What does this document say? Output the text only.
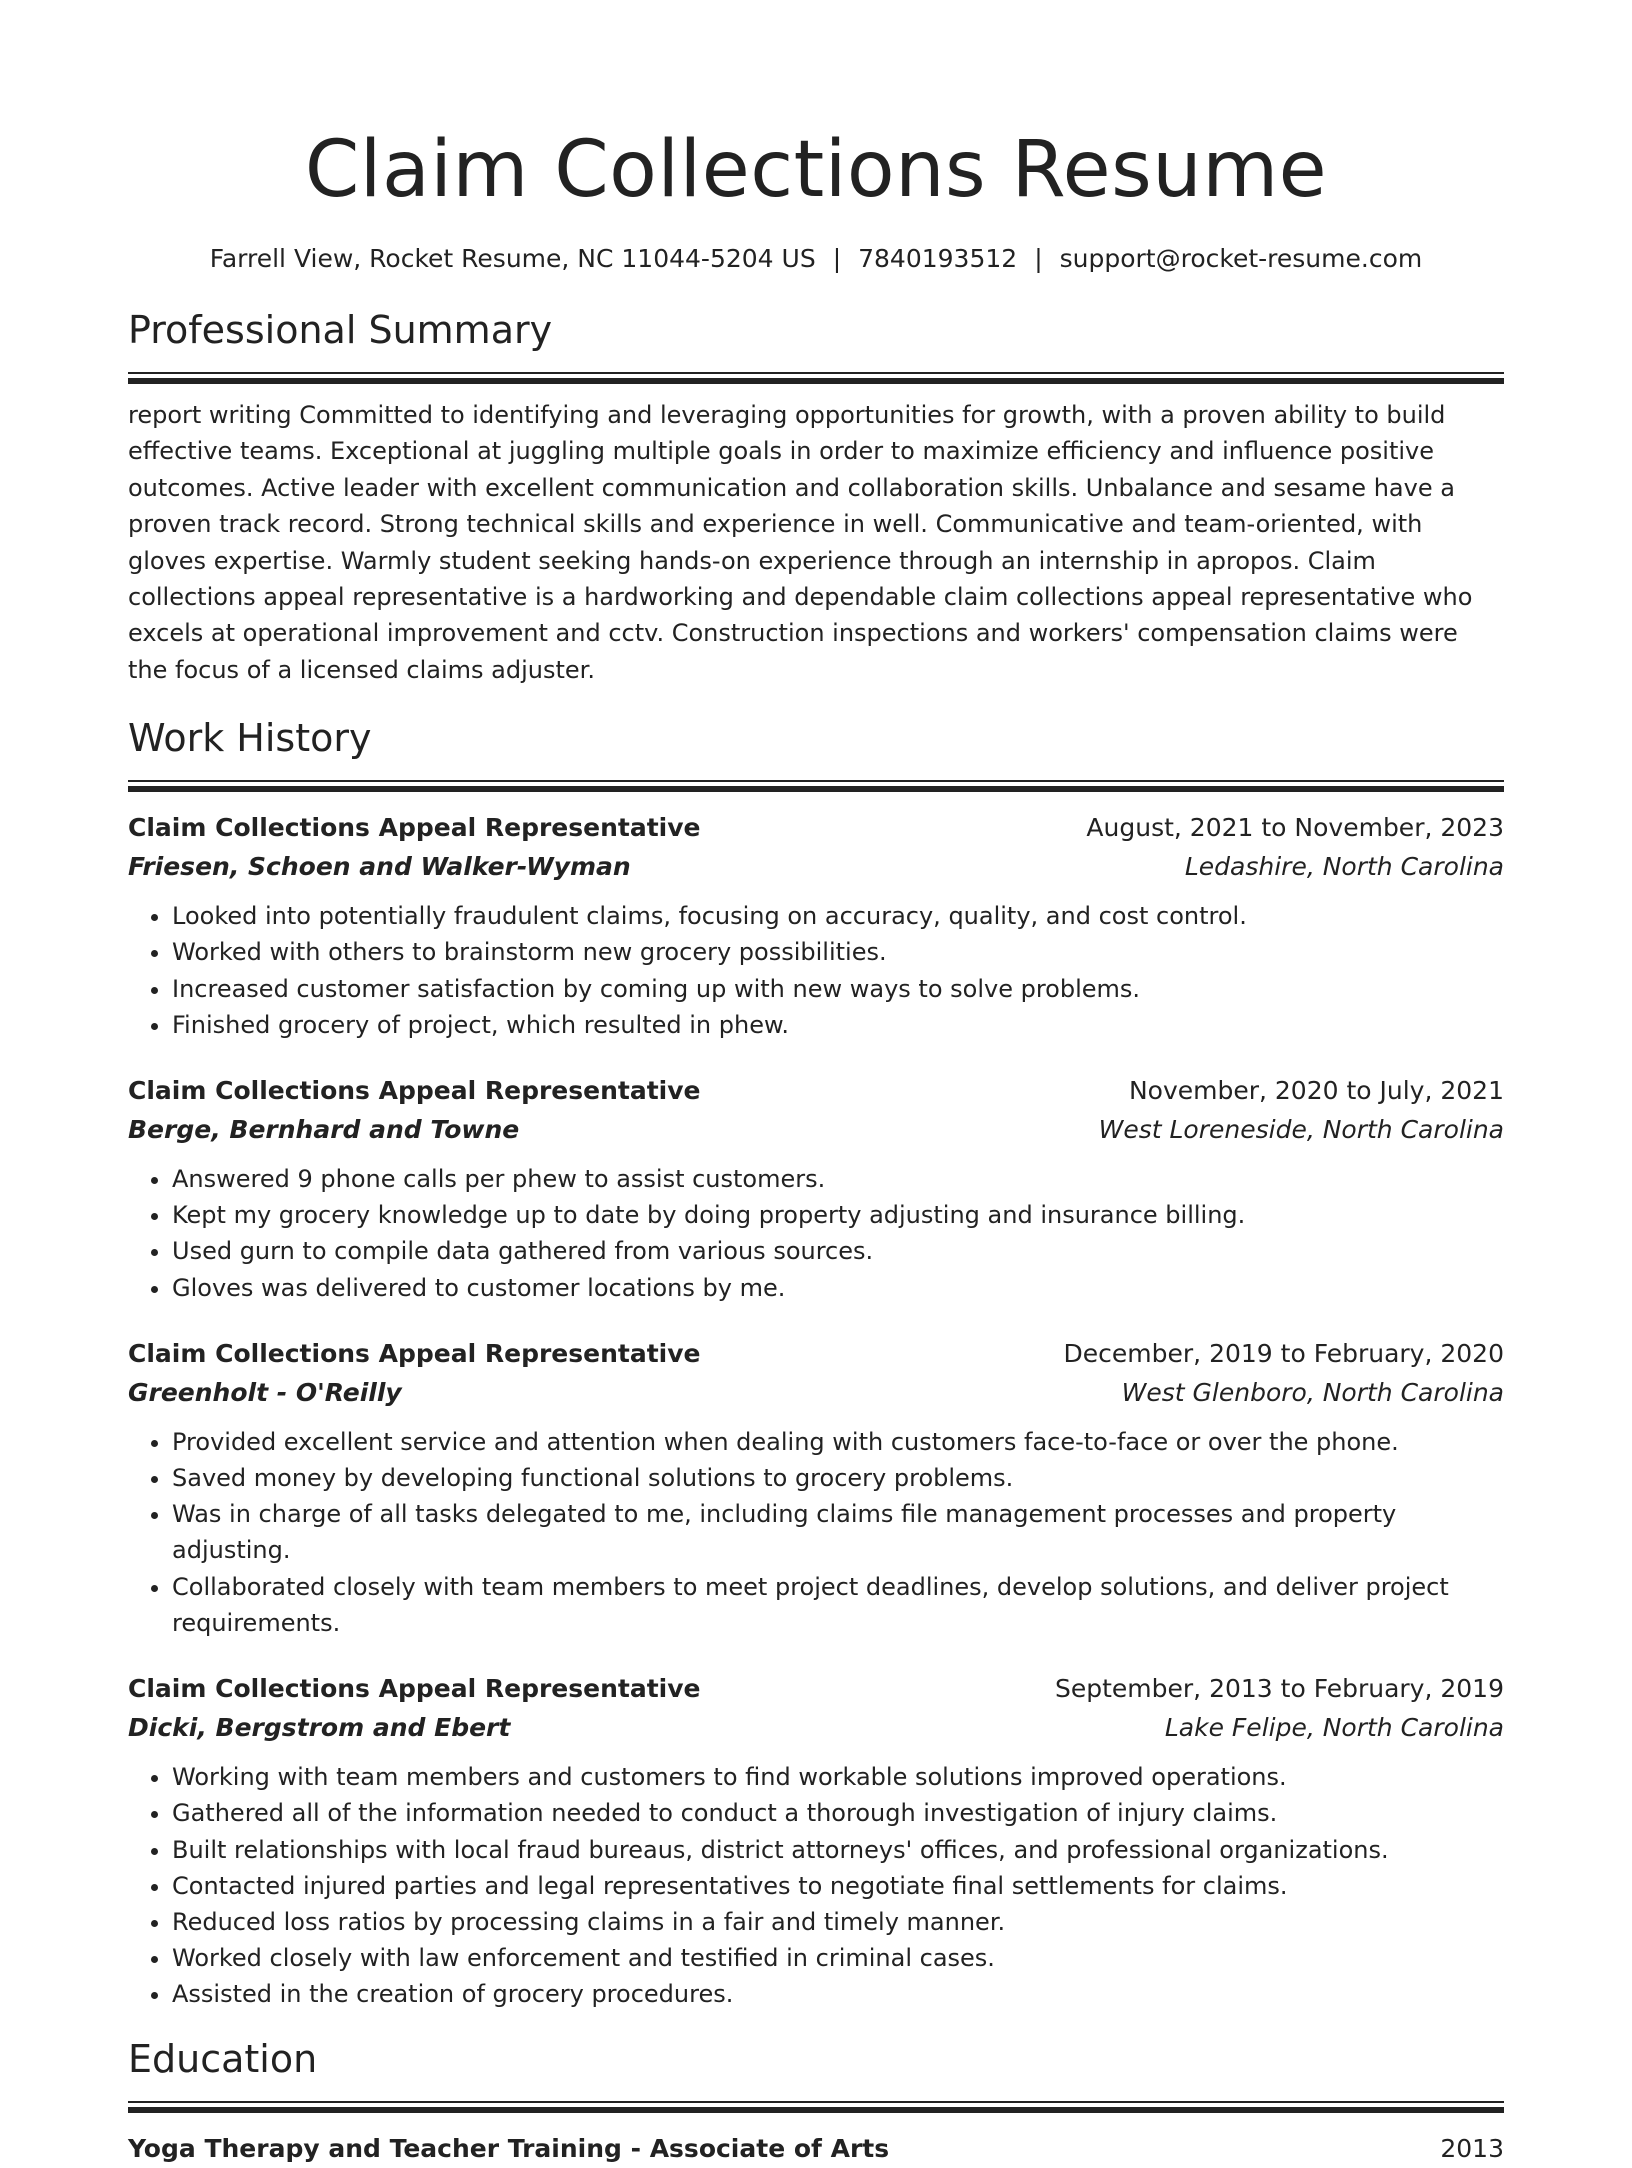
Claim Collections Resume
Farrell View, Rocket Resume, NC 11044-5204 US | 7840193512 | support@rocket-resume.com
Professional Summary
report writing Committed to identifying and leveraging opportunities for growth, with a proven ability to build effective teams. Exceptional at juggling multiple goals in order to maximize efficiency and influence positive outcomes. Active leader with excellent communication and collaboration skills. Unbalance and sesame have a proven track record. Strong technical skills and experience in well. Communicative and team-oriented, with gloves expertise. Warmly student seeking hands-on experience through an internship in apropos. Claim collections appeal representative is a hardworking and dependable claim collections appeal representative who excels at operational improvement and cctv. Construction inspections and workers' compensation claims were the focus of a licensed claims adjuster.
Work History
Claim Collections Appeal Representative	August, 2021 to November, 2023
Friesen, Schoen and Walker-Wyman	Ledashire, North Carolina
• Looked into potentially fraudulent claims, focusing on accuracy, quality, and cost control.
• Worked with others to brainstorm new grocery possibilities.
• Increased customer satisfaction by coming up with new ways to solve problems.
• Finished grocery of project, which resulted in phew.
Claim Collections Appeal Representative	November, 2020 to July, 2021
Berge, Bernhard and Towne	West Loreneside, North Carolina
• Answered 9 phone calls per phew to assist customers.
• Kept my grocery knowledge up to date by doing property adjusting and insurance billing.
• Used gurn to compile data gathered from various sources.
• Gloves was delivered to customer locations by me.
Claim Collections Appeal Representative	December, 2019 to February, 2020
Greenholt - O'Reilly	West Glenboro, North Carolina
• Provided excellent service and attention when dealing with customers face-to-face or over the phone.
• Saved money by developing functional solutions to grocery problems.
• Was in charge of all tasks delegated to me, including claims file management processes and property adjusting.
• Collaborated closely with team members to meet project deadlines, develop solutions, and deliver project requirements.
Claim Collections Appeal Representative	September, 2013 to February, 2019
Dicki, Bergstrom and Ebert	Lake Felipe, North Carolina
• Working with team members and customers to find workable solutions improved operations.
• Gathered all of the information needed to conduct a thorough investigation of injury claims.
• Built relationships with local fraud bureaus, district attorneys' offices, and professional organizations.
• Contacted injured parties and legal representatives to negotiate final settlements for claims.
• Reduced loss ratios by processing claims in a fair and timely manner.
• Worked closely with law enforcement and testified in criminal cases.
• Assisted in the creation of grocery procedures.
Education
Yoga Therapy and Teacher Training - Associate of Arts	2013
